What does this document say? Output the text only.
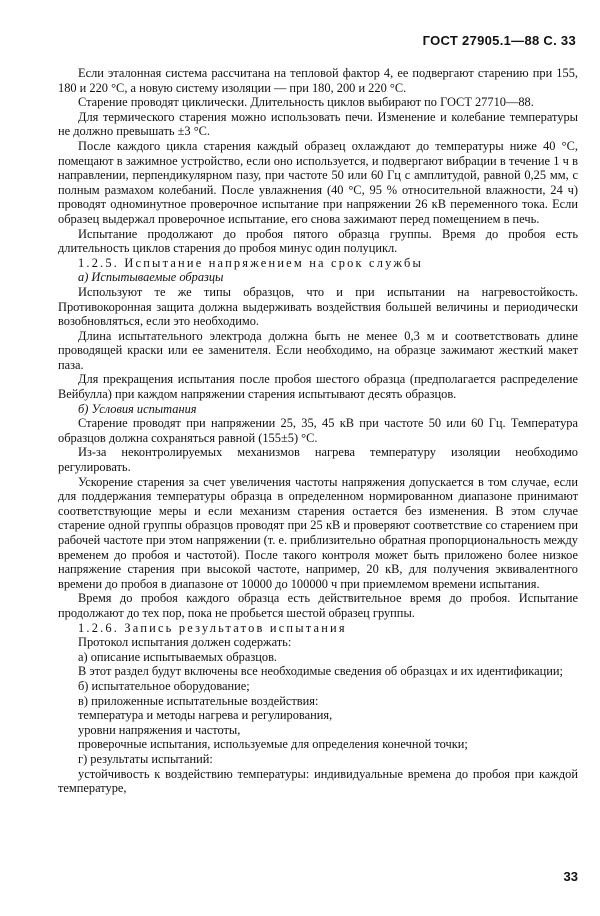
ГОСТ 27905.1—88 С. 33

Если эталонная система рассчитана на тепловой фактор 4, ее подвергают старению при 155, 180 и 220 °С, а новую систему изоляции — при 180, 200 и 220 °С.

Старение проводят циклически. Длительность циклов выбирают по ГОСТ 27710—88.

Для термического старения можно использовать печи. Изменение и колебание температуры не должно превышать ±3 °С.

После каждого цикла старения каждый образец охлаждают до температуры ниже 40 °С, помещают в зажимное устройство, если оно используется, и подвергают вибрации в течение 1 ч в направлении, перпендикулярном пазу, при частоте 50 или 60 Гц с амплитудой, равной 0,25 мм, с полным размахом колебаний. После увлажнения (40 °С, 95 % относительной влажности, 24 ч) проводят одноминутное проверочное испытание при напряжении 26 кВ переменного тока. Если образец выдержал проверочное испытание, его снова зажимают перед помещением в печь.

Испытание продолжают до пробоя пятого образца группы. Время до пробоя есть длительность циклов старения до пробоя минус один полуцикл.

1.2.5. Испытание напряжением на срок службы

а) Испытываемые образцы

Используют те же типы образцов, что и при испытании на нагревостойкость. Противокоронная защита должна выдерживать воздействия большей величины и периодически возобновляться, если это необходимо.

Длина испытательного электрода должна быть не менее 0,3 м и соответствовать длине проводящей краски или ее заменителя. Если необходимо, на образце зажимают жесткий макет паза.

Для прекращения испытания после пробоя шестого образца (предполагается распределение Вейбулла) при каждом напряжении старения испытывают десять образцов.

б) Условия испытания

Старение проводят при напряжении 25, 35, 45 кВ при частоте 50 или 60 Гц. Температура образцов должна сохраняться равной (155±5) °С.

Из-за неконтролируемых механизмов нагрева температуру изоляции необходимо регулировать.

Ускорение старения за счет увеличения частоты напряжения допускается в том случае, если для поддержания температуры образца в определенном нормированном диапазоне принимают соответствующие меры и если механизм старения остается без изменения. В этом случае старение одной группы образцов проводят при 25 кВ и проверяют соответствие со старением при рабочей частоте при этом напряжении (т. е. приблизительно обратная пропорциональность между временем до пробоя и частотой). После такого контроля может быть приложено более низкое напряжение старения при высокой частоте, например, 20 кВ, для получения эквивалентного времени до пробоя в диапазоне от 10000 до 100000 ч при приемлемом времени испытания.

Время до пробоя каждого образца есть действительное время до пробоя. Испытание продолжают до тех пор, пока не пробьется шестой образец группы.

1.2.6. Запись результатов испытания

Протокол испытания должен содержать:

а) описание испытываемых образцов.

В этот раздел будут включены все необходимые сведения об образцах и их идентификации;

б) испытательное оборудование;

в) приложенные испытательные воздействия:

температура и методы нагрева и регулирования,

уровни напряжения и частоты,

проверочные испытания, используемые для определения конечной точки;

г) результаты испытаний:

устойчивость к воздействию температуры: индивидуальные времена до пробоя при каждой температуре,

33
